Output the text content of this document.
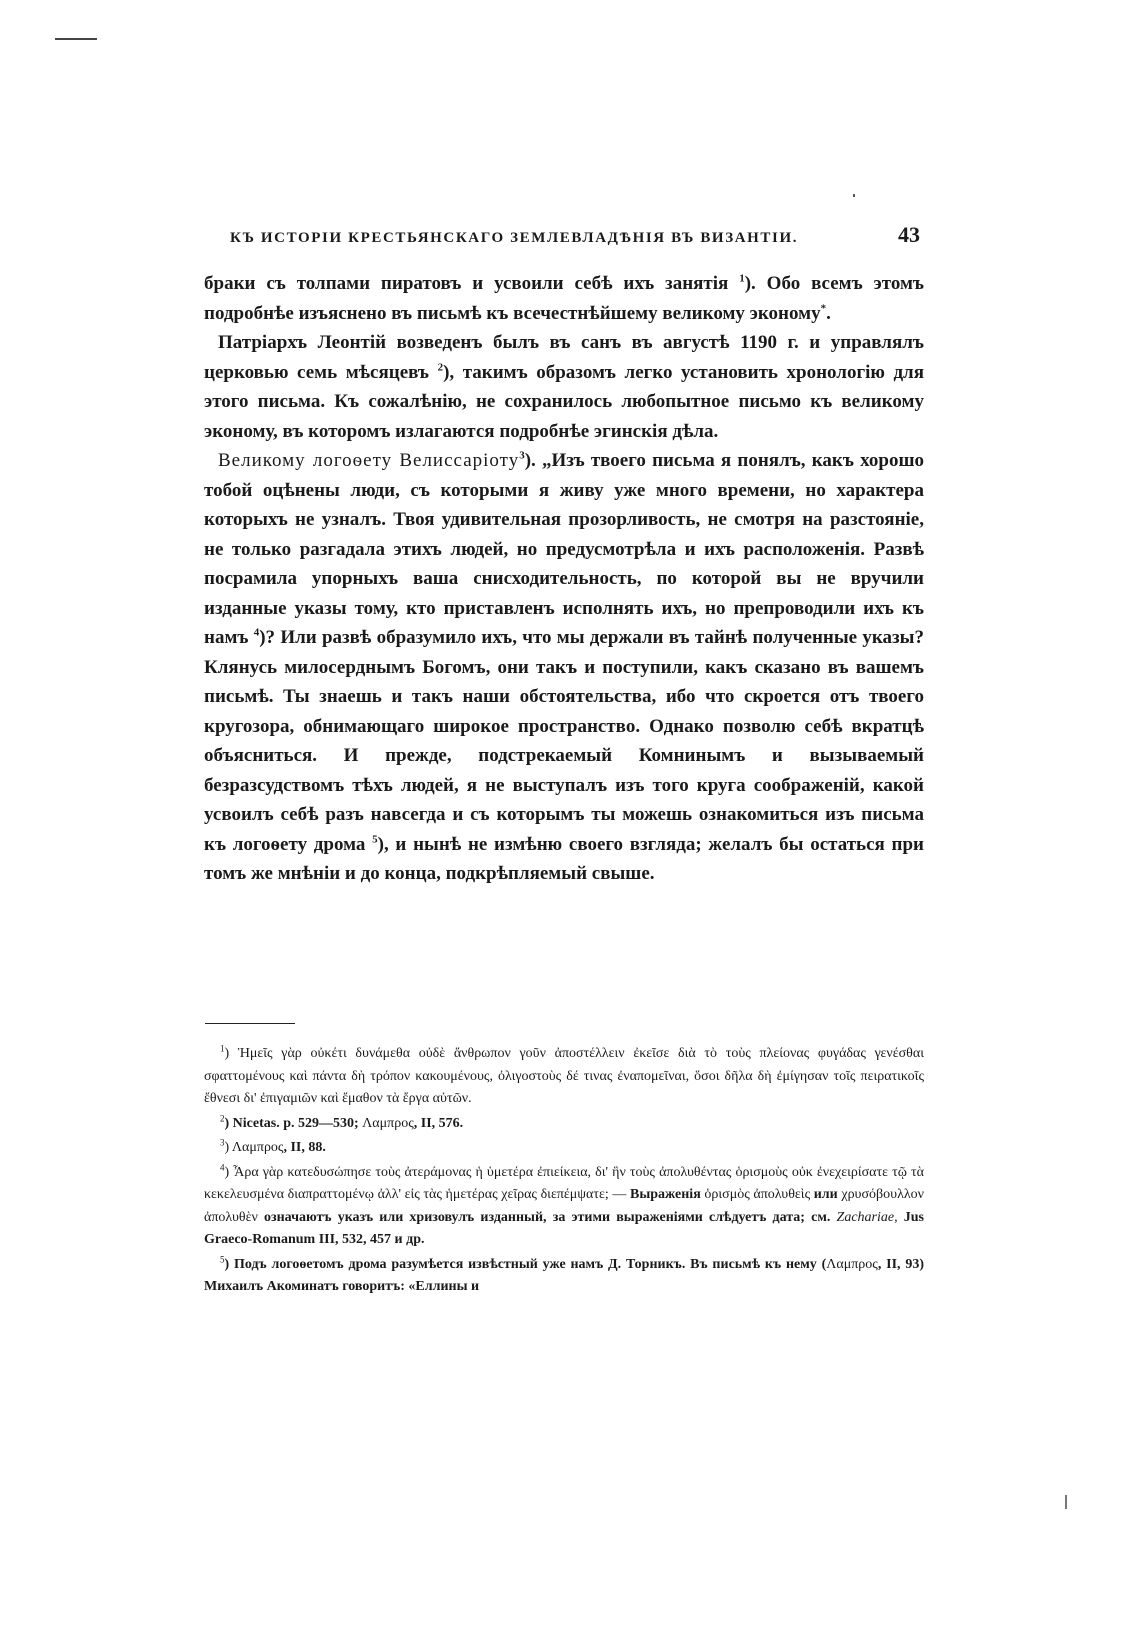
КЪ ИСТОРІИ КРЕСТЬЯНСКАГО ЗЕМЛЕВЛАДѢНІЯ ВЪ ВИЗАНТІИ.	43

браки съ толпами пиратовъ и усвоили себѣ ихъ занятія $^1$). Обо всемъ этомъ подробнѣе изъяснено въ письмѣ къ всечестнѣйшему великому эконому*.

Патріархъ Леонтій возведенъ былъ въ санъ въ августѣ 1190 г. и управлялъ церковью семь мѣсяцевъ $^2$), такимъ образомъ легко установить хронологію для этого письма. Къ сожалѣнію, не сохранилось любопытное письмо къ великому эконому, въ которомъ излагаются подробнѣе эгинскія дѣла.

Великому логоѳету Велиссаріоту$^3$). „Изъ твоего письма я понялъ, какъ хорошо тобой оцѣнены люди, съ которыми я живу уже много времени, но характера которыхъ не узналъ. Твоя удивительная прозорливость, не смотря на разстояніе, не только разгадала этихъ людей, но предусмотрѣла и ихъ расположенія. Развѣ посрамила упорныхъ ваша снисходительность, по которой вы не вручили изданные указы тому, кто приставленъ исполнять ихъ, но препроводили ихъ къ намъ $^4$)? Или развѣ образумило ихъ, что мы держали въ тайнѣ полученные указы? Клянусь милосерднымъ Богомъ, они такъ и поступили, какъ сказано въ вашемъ письмѣ. Ты знаешь и такъ наши обстоятельства, ибо что скроется отъ твоего кругозора, обнимающаго широкое пространство. Однако позволю себѣ вкратцѣ объясниться. И прежде, подстрекаемый Комнинымъ и вызываемый безразсудствомъ тѣхъ людей, я не выступалъ изъ того круга соображеній, какой усвоилъ себѣ разъ навсегда и съ которымъ ты можешь ознакомиться изъ письма къ логоѳету дрома $^5$), и нынѣ не измѣню своего взгляда; желалъ бы остаться при томъ же мнѣніи и до конца, подкрѣпляемый свыше.

$^1$) Ἡμεῖς γὰρ οὐκέτι δυνάμεθα οὐδὲ ἄνθρωπον γοῦν ἀποστέλλειν ἐκεῖσε διὰ τὸ τοὺς πλείονας φυγάδας γενέσθαι σφαττομένους καὶ πάντα δὴ τρόπον κακουμένους, ὀλιγοστοὺς δέ τινας ἐναπομεῖναι, ὅσοι δῆλα δὴ ἐμίγησαν τοῖς πειρατικοῖς ἔθνεσι δι' ἐπιγαμιῶν καὶ ἔμαθον τὰ ἔργα αὐτῶν.

$^2$) Nicetas. p. 529—530; Λαμπρος, II, 576.

$^3$) Λαμπρος, II, 88.

$^4$) Ἆρα γὰρ κατεδυσώπησε τοὺς ἀτεράμονας ἡ ὑμετέρα ἐπιείκεια, δι' ἣν τοὺς ἀπολυθέντας ὁρισμοὺς οὐκ ἐνεχειρίσατε τῷ τὰ κεκελευσμένα διαπραττομένῳ ἀλλ' εἰς τὰς ἡμετέρας χεῖρας διεπέμψατε; — Выраженія ὁρισμὸς ἀπολυθεὶς или χρυσόβουλλον ἀπολυθὲν означаютъ указъ или хризовулъ изданный, за этими выраженіями слѣдуетъ дата; см. Zachariae, Jus Graeco-Romanum III, 532, 457 и др.

$^5$) Подъ логоѳетомъ дрома разумѣется извѣстный уже намъ Д. Торникъ. Въ письмѣ къ нему (Λαμπρος, II, 93) Михаилъ Акоминатъ говоритъ: «Еллины и
